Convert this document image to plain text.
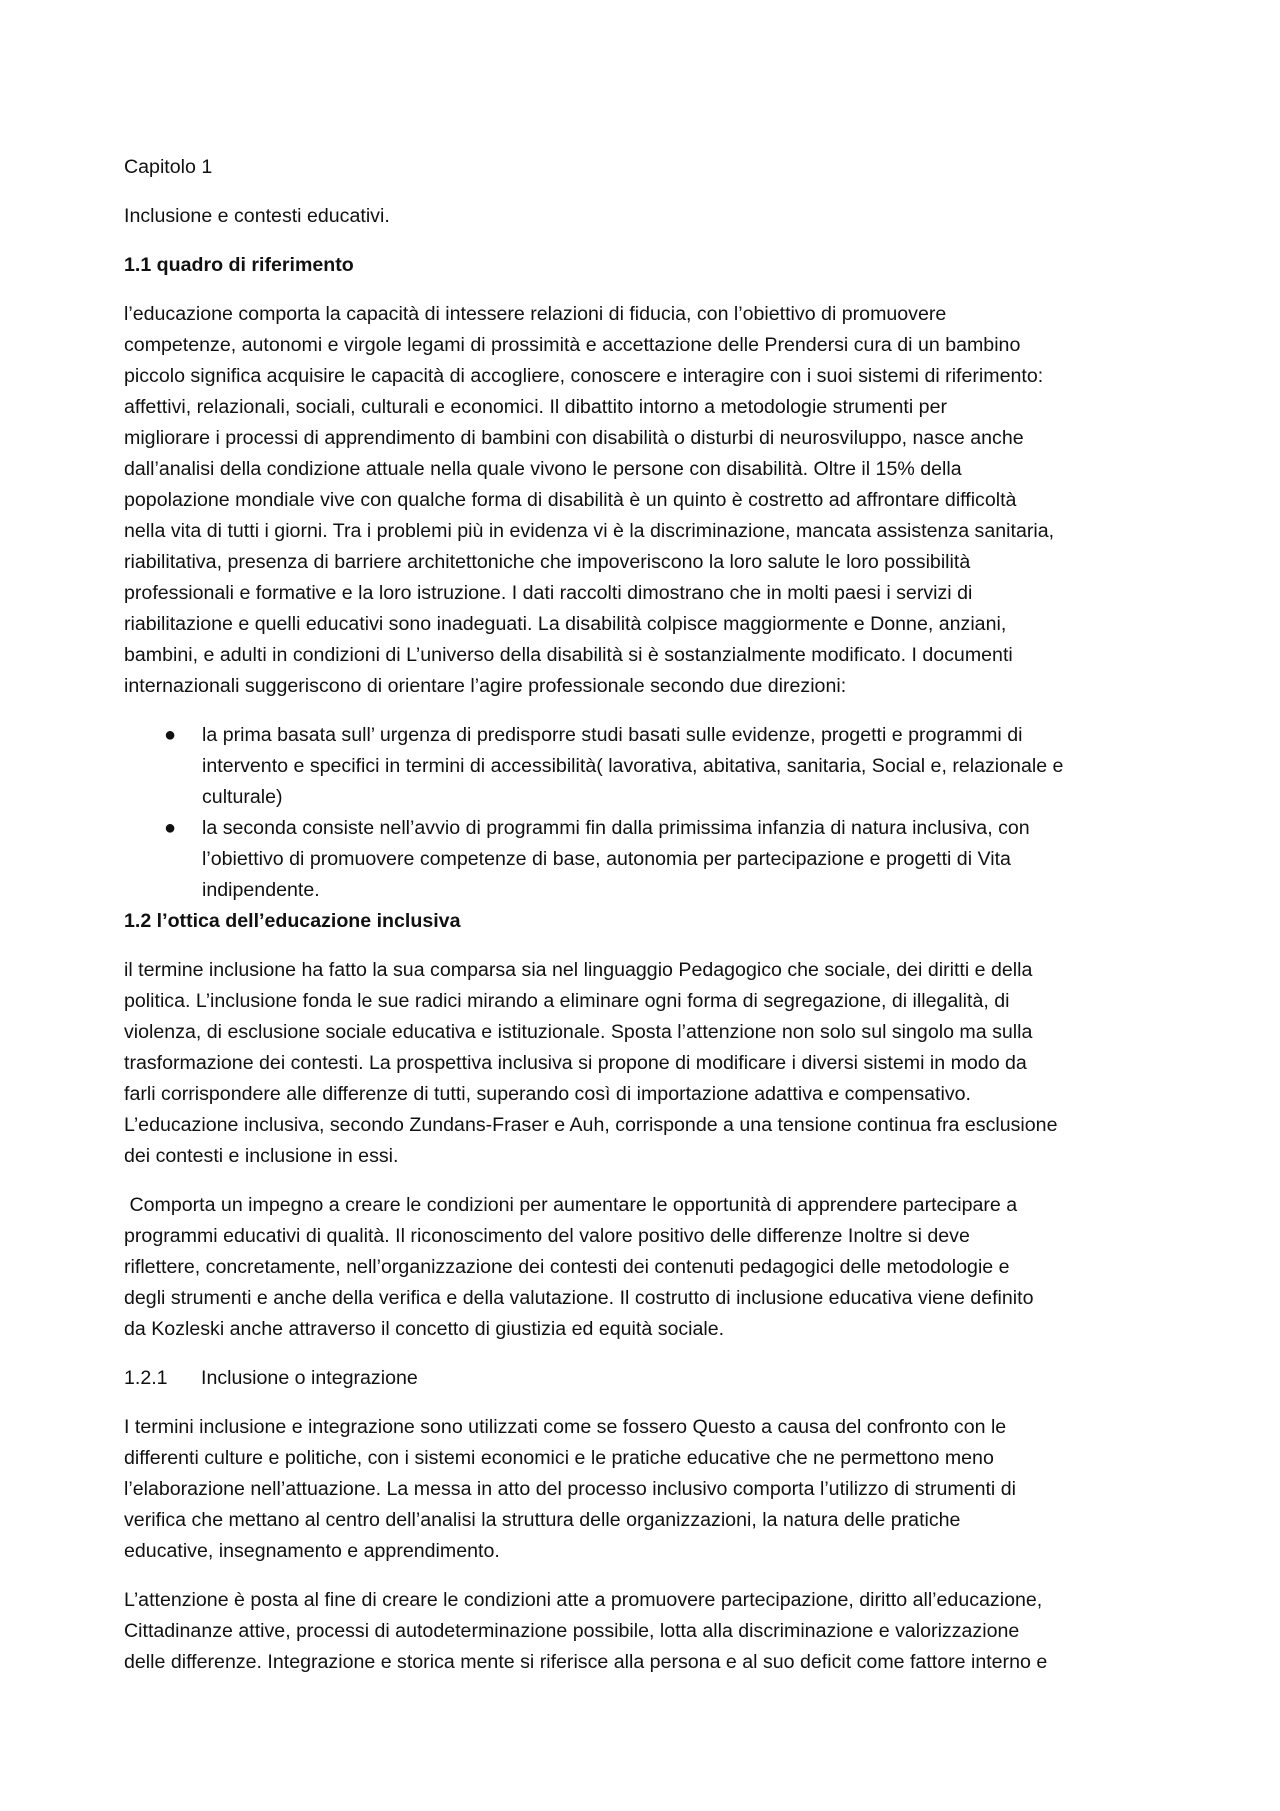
Capitolo 1

Inclusione e contesti educativi.

1.1 quadro di riferimento

l’educazione comporta la capacità di intessere relazioni di fiducia, con l’obiettivo di promuovere
competenze, autonomi e virgole legami di prossimità e accettazione delle Prendersi cura di un bambino
piccolo significa acquisire le capacità di accogliere, conoscere e interagire con i suoi sistemi di riferimento:
affettivi, relazionali, sociali, culturali e economici. Il dibattito intorno a metodologie strumenti per
migliorare i processi di apprendimento di bambini con disabilità o disturbi di neurosviluppo, nasce anche
dall’analisi della condizione attuale nella quale vivono le persone con disabilità. Oltre il 15% della
popolazione mondiale vive con qualche forma di disabilità è un quinto è costretto ad affrontare difficoltà
nella vita di tutti i giorni. Tra i problemi più in evidenza vi è la discriminazione, mancata assistenza sanitaria,
riabilitativa, presenza di barriere architettoniche che impoveriscono la loro salute le loro possibilità
professionali e formative e la loro istruzione. I dati raccolti dimostrano che in molti paesi i servizi di
riabilitazione e quelli educativi sono inadeguati. La disabilità colpisce maggiormente e Donne, anziani,
bambini, e adulti in condizioni di L’universo della disabilità si è sostanzialmente modificato. I documenti
internazionali suggeriscono di orientare l’agire professionale secondo due direzioni:

● la prima basata sull’ urgenza di predisporre studi basati sulle evidenze, progetti e programmi di
intervento e specifici in termini di accessibilità( lavorativa, abitativa, sanitaria, Social e, relazionale e
culturale)
● la seconda consiste nell’avvio di programmi fin dalla primissima infanzia di natura inclusiva, con
l’obiettivo di promuovere competenze di base, autonomia per partecipazione e progetti di Vita
indipendente.

1.2 l’ottica dell’educazione inclusiva

il termine inclusione ha fatto la sua comparsa sia nel linguaggio Pedagogico che sociale, dei diritti e della
politica. L’inclusione fonda le sue radici mirando a eliminare ogni forma di segregazione, di illegalità, di
violenza, di esclusione sociale educativa e istituzionale. Sposta l’attenzione non solo sul singolo ma sulla
trasformazione dei contesti. La prospettiva inclusiva si propone di modificare i diversi sistemi in modo da
farli corrispondere alle differenze di tutti, superando così di importazione adattiva e compensativo.
L’educazione inclusiva, secondo Zundans-Fraser e Auh, corrisponde a una tensione continua fra esclusione
dei contesti e inclusione in essi.

Comporta un impegno a creare le condizioni per aumentare le opportunità di apprendere partecipare a
programmi educativi di qualità. Il riconoscimento del valore positivo delle differenze Inoltre si deve
riflettere, concretamente, nell’organizzazione dei contesti dei contenuti pedagogici delle metodologie e
degli strumenti e anche della verifica e della valutazione. Il costrutto di inclusione educativa viene definito
da Kozleski anche attraverso il concetto di giustizia ed equità sociale.

1.2.1 Inclusione o integrazione

I termini inclusione e integrazione sono utilizzati come se fossero Questo a causa del confronto con le
differenti culture e politiche, con i sistemi economici e le pratiche educative che ne permettono meno
l’elaborazione nell’attuazione. La messa in atto del processo inclusivo comporta l’utilizzo di strumenti di
verifica che mettano al centro dell’analisi la struttura delle organizzazioni, la natura delle pratiche
educative, insegnamento e apprendimento.

L’attenzione è posta al fine di creare le condizioni atte a promuovere partecipazione, diritto all’educazione,
Cittadinanze attive, processi di autodeterminazione possibile, lotta alla discriminazione e valorizzazione
delle differenze. Integrazione e storica mente si riferisce alla persona e al suo deficit come fattore interno e
